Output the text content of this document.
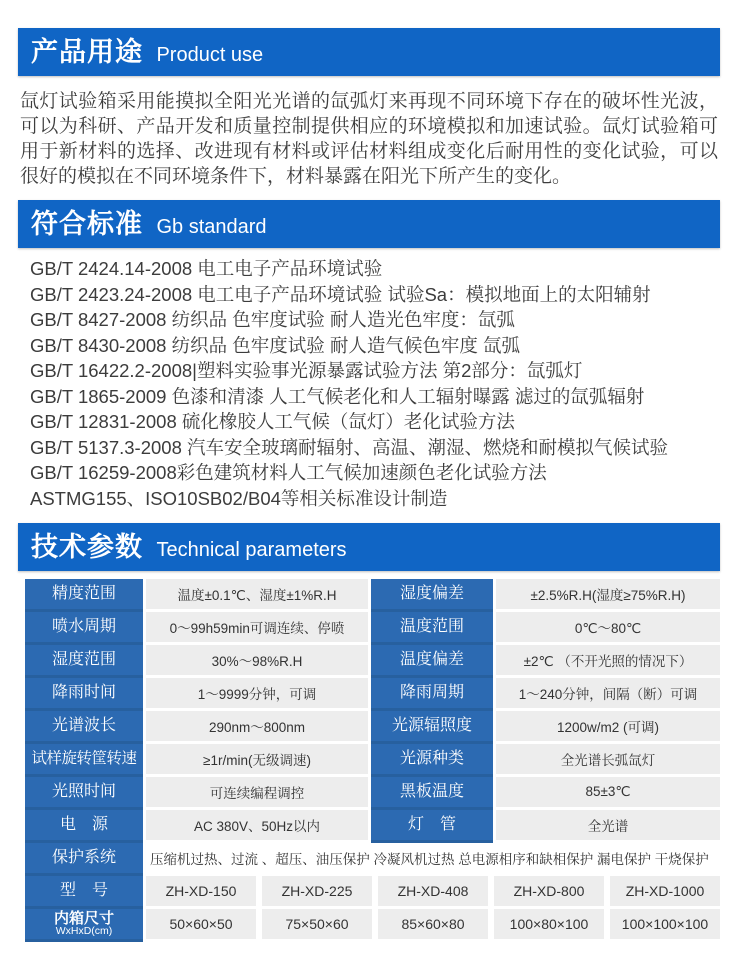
产品用途 Product use

氙灯试验箱采用能摸拟全阳光光谱的氙弧灯来再现不同环境下存在的破坏性光波，可以为科研、产品开发和质量控制提供相应的环境模拟和加速试验。氙灯试验箱可用于新材料的选择、改进现有材料或评估材料组成变化后耐用性的变化试验，可以很好的模拟在不同环境条件下，材料暴露在阳光下所产生的变化。

符合标准 Gb standard
GB/T 2424.14-2008 电工电子产品环境试验
GB/T 2423.24-2008 电工电子产品环境试验 试验Sa：模拟地面上的太阳辅射
GB/T 8427-2008 纺织品 色牢度试验 耐人造光色牢度：氙弧
GB/T 8430-2008 纺织品 色牢度试验 耐人造气候色牢度 氙弧
GB/T 16422.2-2008|塑料实验事光源暴露试验方法 第2部分：氙弧灯
GB/T 1865-2009 色漆和清漆 人工气候老化和人工辐射曝露 滤过的氙弧辐射
GB/T 12831-2008 硫化橡胶人工气候（氙灯）老化试验方法
GB/T 5137.3-2008 汽车安全玻璃耐辐射、高温、潮湿、燃烧和耐模拟气候试验
GB/T 16259-2008彩色建筑材料人工气候加速颜色老化试验方法
ASTMG155、ISO10SB02/B04等相关标准设计制造
技术参数 Technical parameters
精度范围	温度±0.1℃、湿度±1%R.H	湿度偏差	±2.5%R.H(湿度≥75%R.H)
喷水周期	0～99h59min可调连续、停喷	温度范围	0℃～80℃
湿度范围	30%～98%R.H	温度偏差	±2℃ （不开光照的情况下）
降雨时间	1～9999分钟，可调	降雨周期	1～240分钟，间隔（断）可调
光谱波长	290nm～800nm	光源辐照度	1200w/m2 (可调)
试样旋转筐转速	≥1r/min(无级调速)	光源种类	全光谱长弧氙灯
光照时间	可连续编程调控	黑板温度	85±3℃
电　源	AC 380V、50Hz以内	灯　管	全光谱
保护系统	压缩机过热、过流 、超压、油压保护 冷凝风机过热 总电源相序和缺相保护 漏电保护 干烧保护
型　号	ZH-XD-150	ZH-XD-225	ZH-XD-408	ZH-XD-800	ZH-XD-1000
内箱尺寸
WxHxD(cm)	50×60×50	75×50×60	85×60×80	100×80×100	100×100×100
